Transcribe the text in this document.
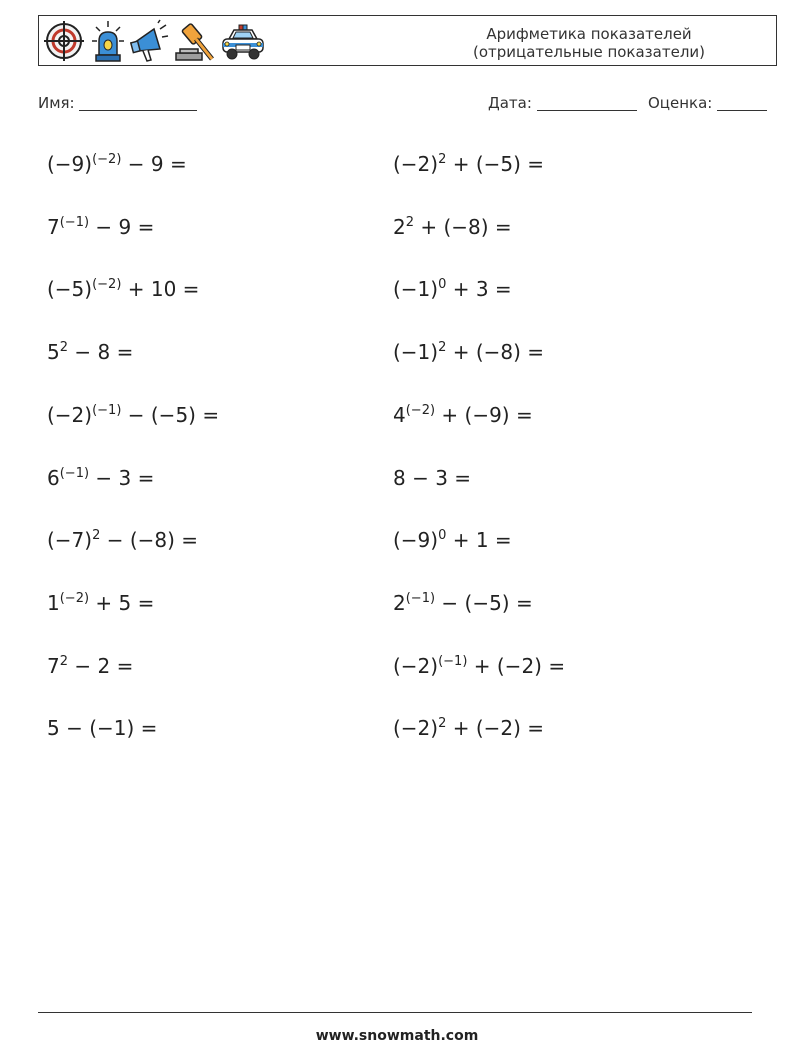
Арифметика показателей
(отрицательные показатели)
Имя:	Дата:	Оценка:
$(-9)^{(-2)} - 9$ =
$7^{(-1)} - 9$ =
$(-5)^{(-2)} + 10$ =
$5^2 - 8$ =
$(-2)^{(-1)} - (-5)$ =
$6^{(-1)} - 3$ =
$(-7)^2 - (-8)$ =
$1^{(-2)} + 5$ =
$7^2 - 2$ =
5 − (−1) =
$(-2)^2 + (-5)$ =
$2^2 + (-8)$ =
$(-1)^0 + 3$ =
$(-1)^2 + (-8)$ =
$4^{(-2)} + (-9)$ =
8 − 3 =
$(-9)^0 + 1$ =
$2^{(-1)} - (-5)$ =
$(-2)^{(-1)} + (-2)$ =
$(-2)^2 + (-2)$ =
www.snowmath.com
